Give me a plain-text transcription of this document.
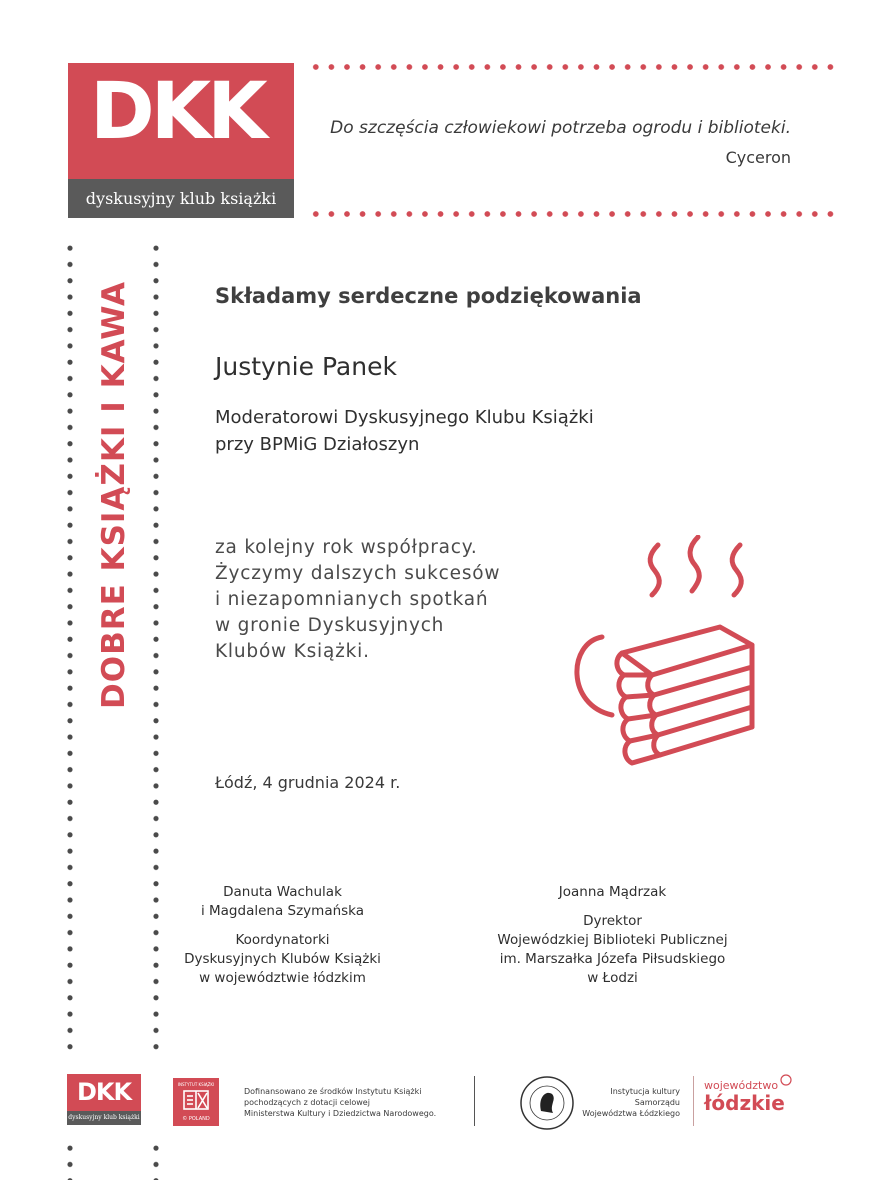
DKK
dyskusyjny klub książki
Do szczęścia człowiekowi potrzeba ogrodu i biblioteki.
Cyceron
DOBRE KSIĄŻKI I KAWA	Składamy serdeczne podziękowania
Justynie Panek
Moderatorowi Dyskusyjnego Klubu Książki
przy BPMiG Działoszyn
za kolejny rok współpracy.
Życzymy dalszych sukcesów
i niezapomnianych spotkań
w gronie Dyskusyjnych
Klubów Książki.
Łódź, 4 grudnia 2024 r.
Danuta Wachulak
i Magdalena Szymańska
Koordynatorki
Dyskusyjnych Klubów Książki
w województwie łódzkim
Joanna Mądrzak
Dyrektor
Wojewódzkiej Biblioteki Publicznej
im. Marszałka Józefa Piłsudskiego
w Łodzi
DKK
dyskusyjny klub książki
INSTYTUT KSIĄŻKI
© POLAND
Dofinansowano ze środków Instytutu Książki
pochodzących z dotacji celowej
Ministerstwa Kultury i Dziedzictwa Narodowego.
Instytucja kultury
Samorządu
Województwa Łódzkiego
województwo
łódzkie
